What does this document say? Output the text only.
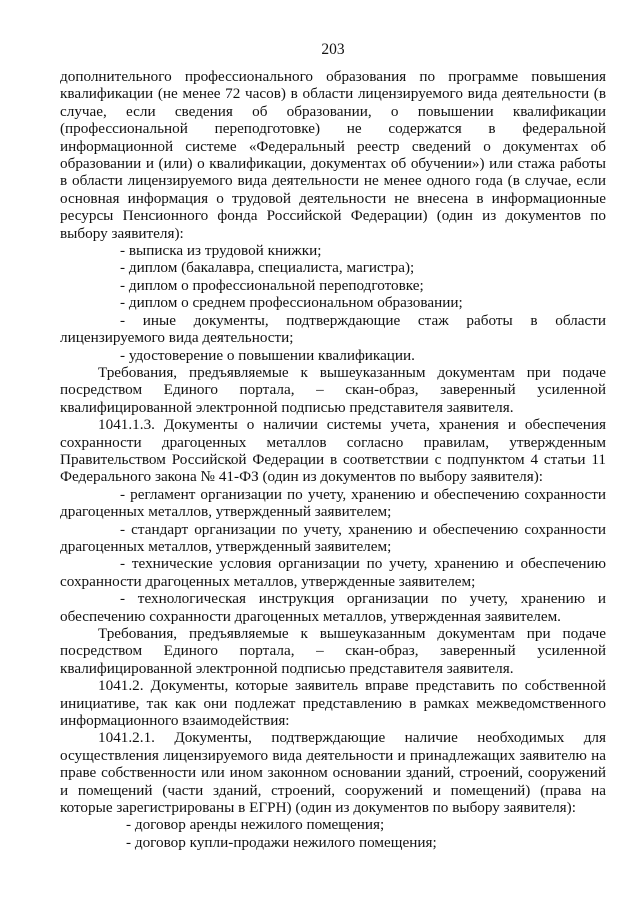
203

дополнительного профессионального образования по программе повышения квалификации (не менее 72 часов) в области лицензируемого вида деятельности (в случае, если сведения об образовании, о повышении квалификации (профессиональной переподготовке) не содержатся в федеральной информационной системе «Федеральный реестр сведений о документах об образовании и (или) о квалификации, документах об обучении») или стажа работы в области лицензируемого вида деятельности не менее одного года (в случае, если основная информация о трудовой деятельности не внесена в информационные ресурсы Пенсионного фонда Российской Федерации) (один из документов по выбору заявителя):

- выписка из трудовой книжки;

- диплом (бакалавра, специалиста, магистра);

- диплом о профессиональной переподготовке;

- диплом о среднем профессиональном образовании;

- иные документы, подтверждающие стаж работы в области лицензируемого вида деятельности;

- удостоверение о повышении квалификации.

Требования, предъявляемые к вышеуказанным документам при подаче посредством Единого портала, – скан-образ, заверенный усиленной квалифицированной электронной подписью представителя заявителя.

1041.1.3. Документы о наличии системы учета, хранения и обеспечения сохранности драгоценных металлов согласно правилам, утвержденным Правительством Российской Федерации в соответствии с подпунктом 4 статьи 11 Федерального закона № 41-ФЗ (один из документов по выбору заявителя):

- регламент организации по учету, хранению и обеспечению сохранности драгоценных металлов, утвержденный заявителем;

- стандарт организации по учету, хранению и обеспечению сохранности драгоценных металлов, утвержденный заявителем;

- технические условия организации по учету, хранению и обеспечению сохранности драгоценных металлов, утвержденные заявителем;

- технологическая инструкция организации по учету, хранению и обеспечению сохранности драгоценных металлов, утвержденная заявителем.

Требования, предъявляемые к вышеуказанным документам при подаче посредством Единого портала, – скан-образ, заверенный усиленной квалифицированной электронной подписью представителя заявителя.

1041.2. Документы, которые заявитель вправе представить по собственной инициативе, так как они подлежат представлению в рамках межведомственного информационного взаимодействия:

1041.2.1. Документы, подтверждающие наличие необходимых для осуществления лицензируемого вида деятельности и принадлежащих заявителю на праве собственности или ином законном основании зданий, строений, сооружений и помещений (части зданий, строений, сооружений и помещений) (права на которые зарегистрированы в ЕГРН) (один из документов по выбору заявителя):

- договор аренды нежилого помещения;

- договор купли-продажи нежилого помещения;
